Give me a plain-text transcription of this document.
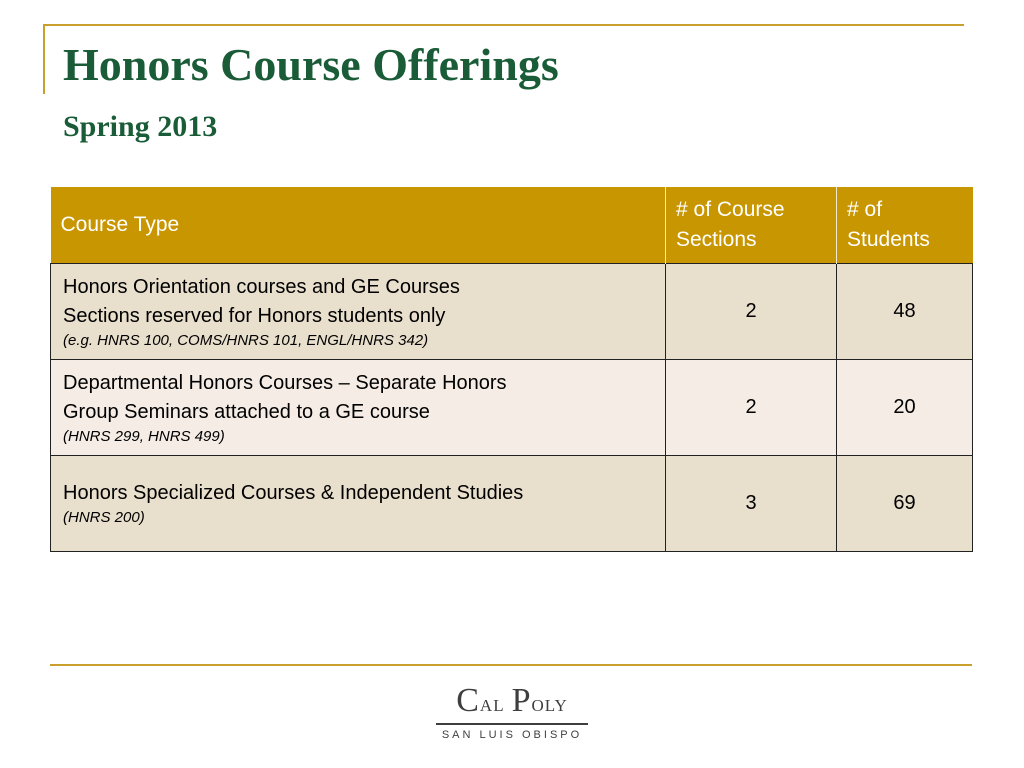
Honors Course Offerings
Spring 2013
Course Type	# of Course Sections	# of Students
Honors Orientation courses and GE Courses
Sections reserved for Honors students only
(e.g. HNRS 100, COMS/HNRS 101, ENGL/HNRS 342)	2	48
Departmental Honors Courses – Separate Honors
Group Seminars attached to a GE course
(HNRS 299, HNRS 499)	2	20
Honors Specialized Courses & Independent Studies
(HNRS 200)	3	69
Cal Poly
SAN LUIS OBISPO
